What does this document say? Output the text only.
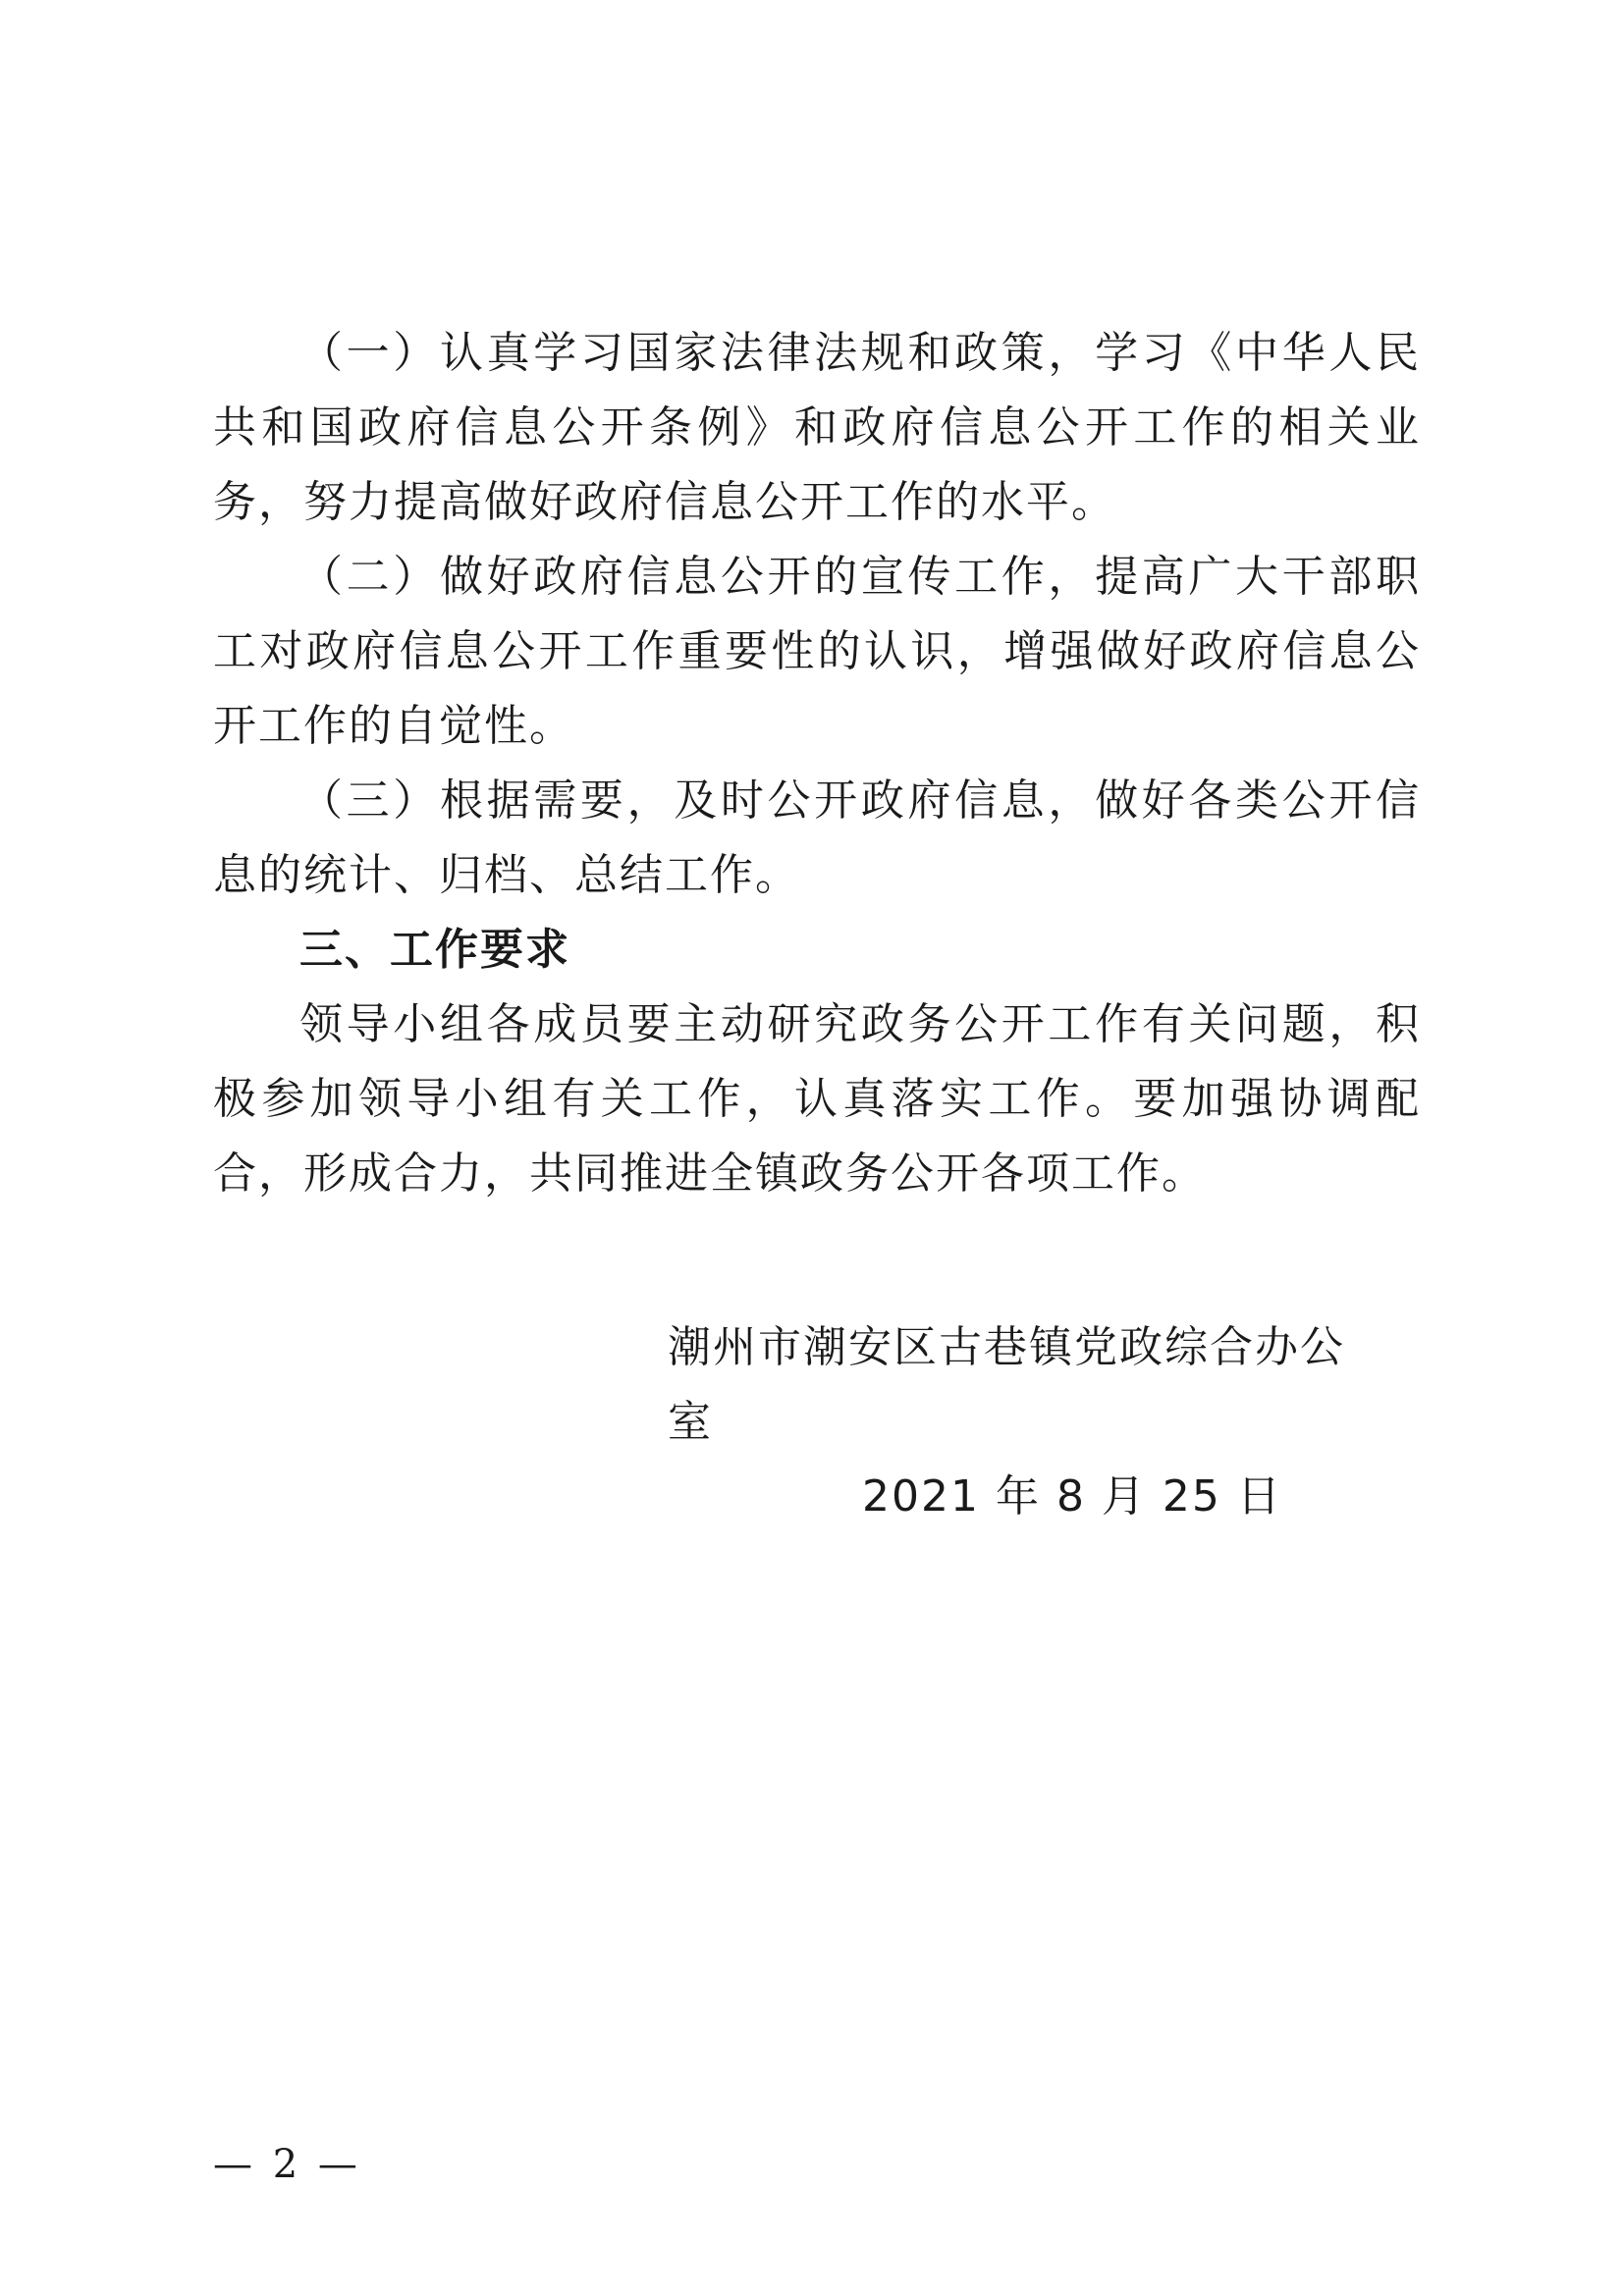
（一）认真学习国家法律法规和政策，学习《中华人民共和国政府信息公开条例》和政府信息公开工作的相关业务，努力提高做好政府信息公开工作的水平。

（二）做好政府信息公开的宣传工作，提高广大干部职工对政府信息公开工作重要性的认识，增强做好政府信息公开工作的自觉性。

（三）根据需要，及时公开政府信息，做好各类公开信息的统计、归档、总结工作。

三、工作要求

领导小组各成员要主动研究政务公开工作有关问题，积极参加领导小组有关工作，认真落实工作。要加强协调配合，形成合力，共同推进全镇政务公开各项工作。

潮州市潮安区古巷镇党政综合办公室

2021 年 8 月 25 日

— 2 —
